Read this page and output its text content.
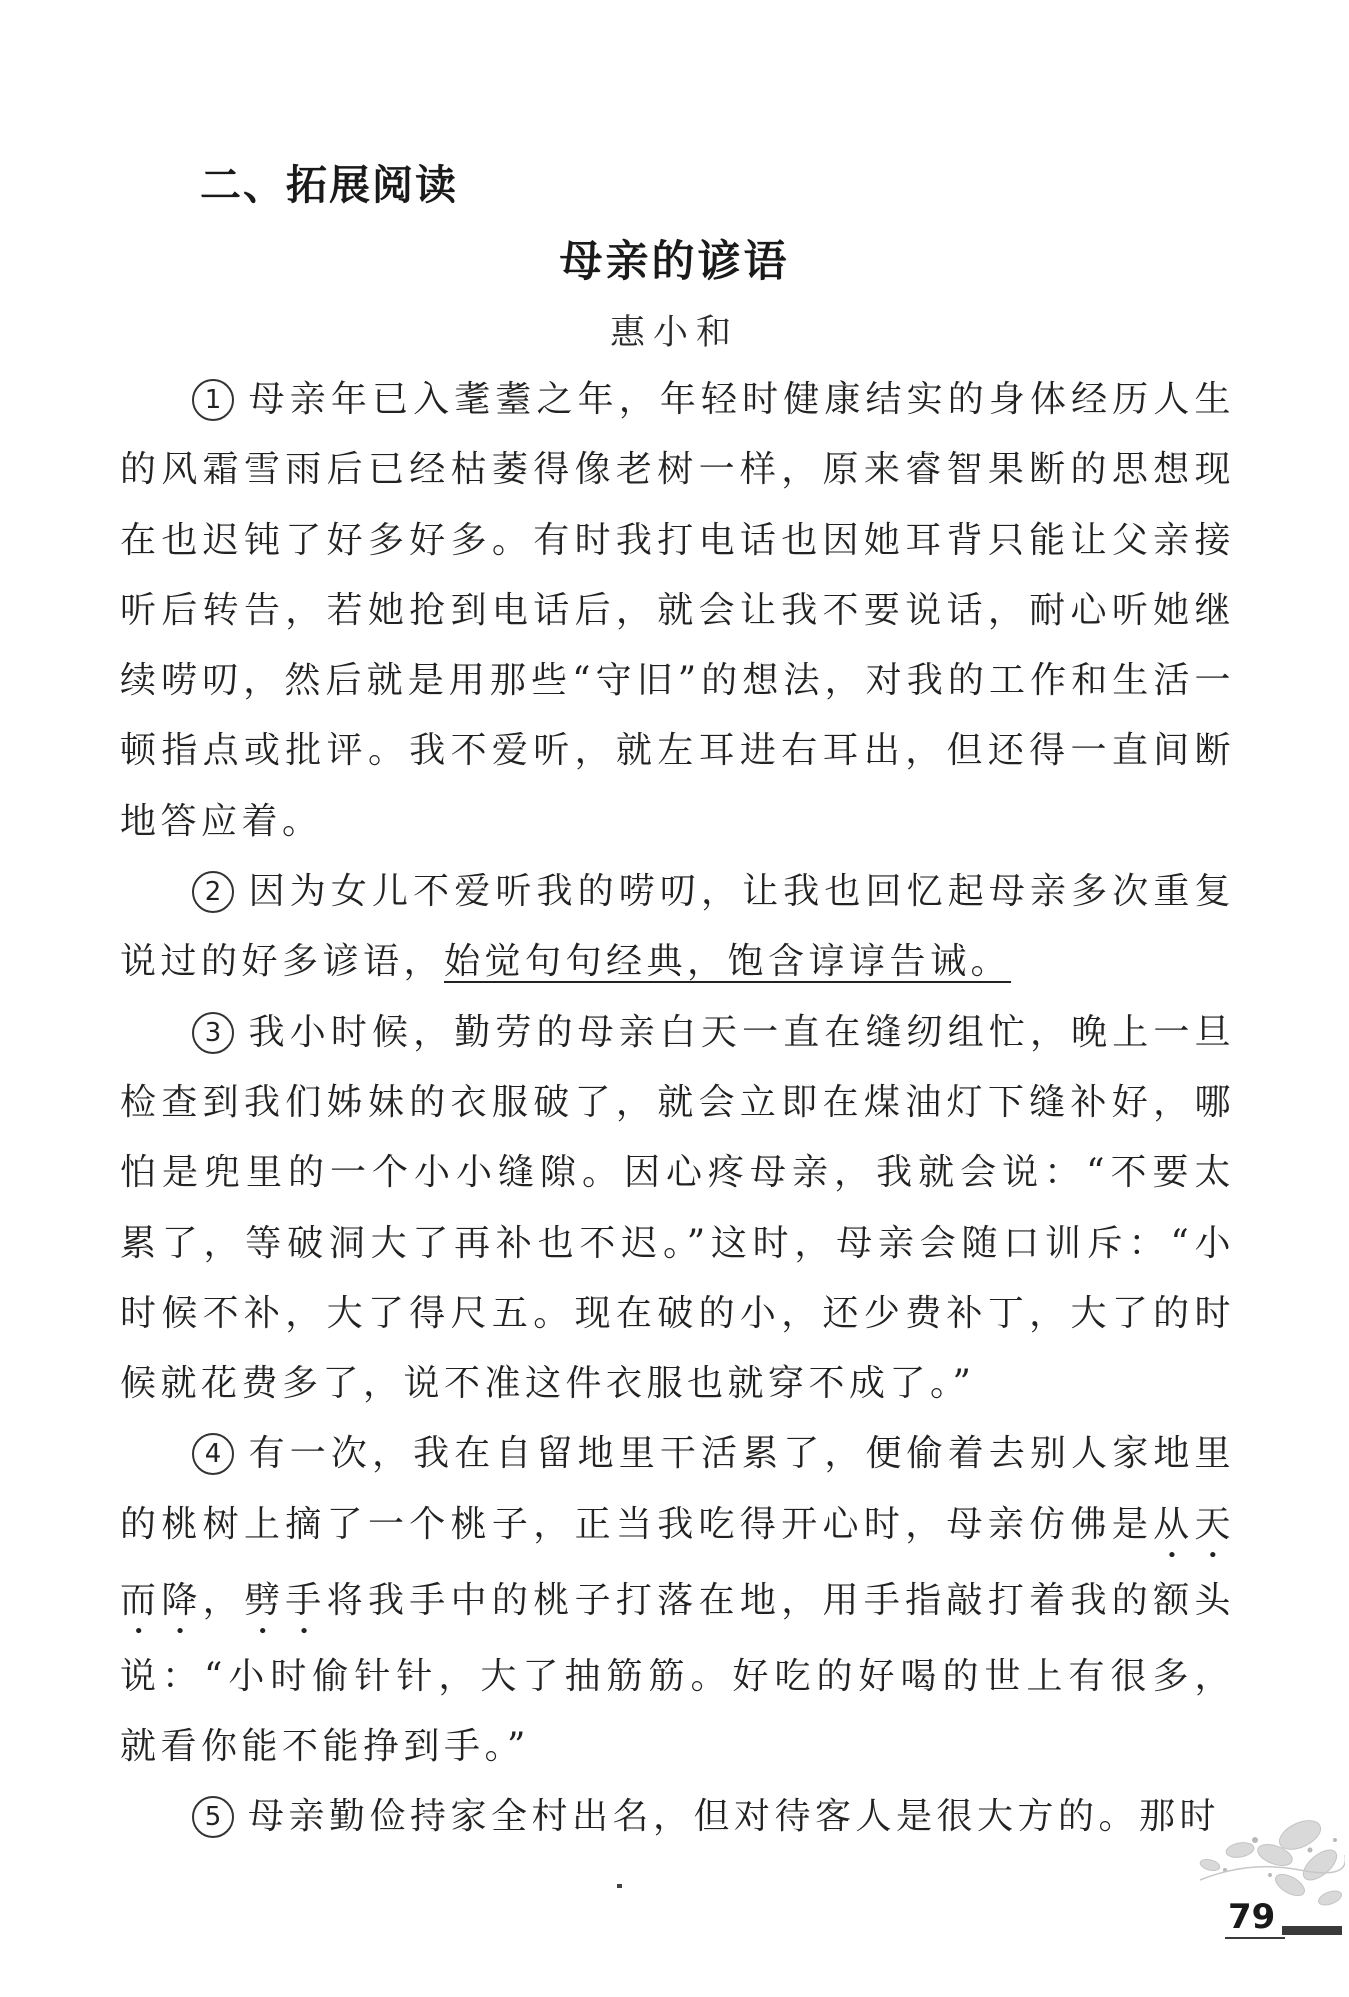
二、拓展阅读
母亲的谚语
惠小和

1 母亲年已入耄耋之年，年轻时健康结实的身体经历人生的风霜雪雨后已经枯萎得像老树一样，原来睿智果断的思想现在也迟钝了好多好多。有时我打电话也因她耳背只能让父亲接听后转告，若她抢到电话后，就会让我不要说话，耐心听她继续唠叨，然后就是用那些“守旧”的想法，对我的工作和生活一顿指点或批评。我不爱听，就左耳进右耳出，但还得一直间断地答应着。

2 因为女儿不爱听我的唠叨，让我也回忆起母亲多次重复说过的好多谚语，始觉句句经典，饱含谆谆告诫。

3 我小时候，勤劳的母亲白天一直在缝纫组忙，晚上一旦检查到我们姊妹的衣服破了，就会立即在煤油灯下缝补好，哪怕是兜里的一个小小缝隙。因心疼母亲，我就会说：“不要太累了，等破洞大了再补也不迟。”这时，母亲会随口训斥：“小时候不补，大了得尺五。现在破的小，还少费补丁，大了的时候就花费多了，说不准这件衣服也就穿不成了。”

4 有一次，我在自留地里干活累了，便偷着去别人家地里的桃树上摘了一个桃子，正当我吃得开心时，母亲仿佛是从天而降，劈手将我手中的桃子打落在地，用手指敲打着我的额头说：“小时偷针针，大了抽筋筋。好吃的好喝的世上有很多，就看你能不能挣到手。”

5 母亲勤俭持家全村出名，但对待客人是很大方的。那时

79
